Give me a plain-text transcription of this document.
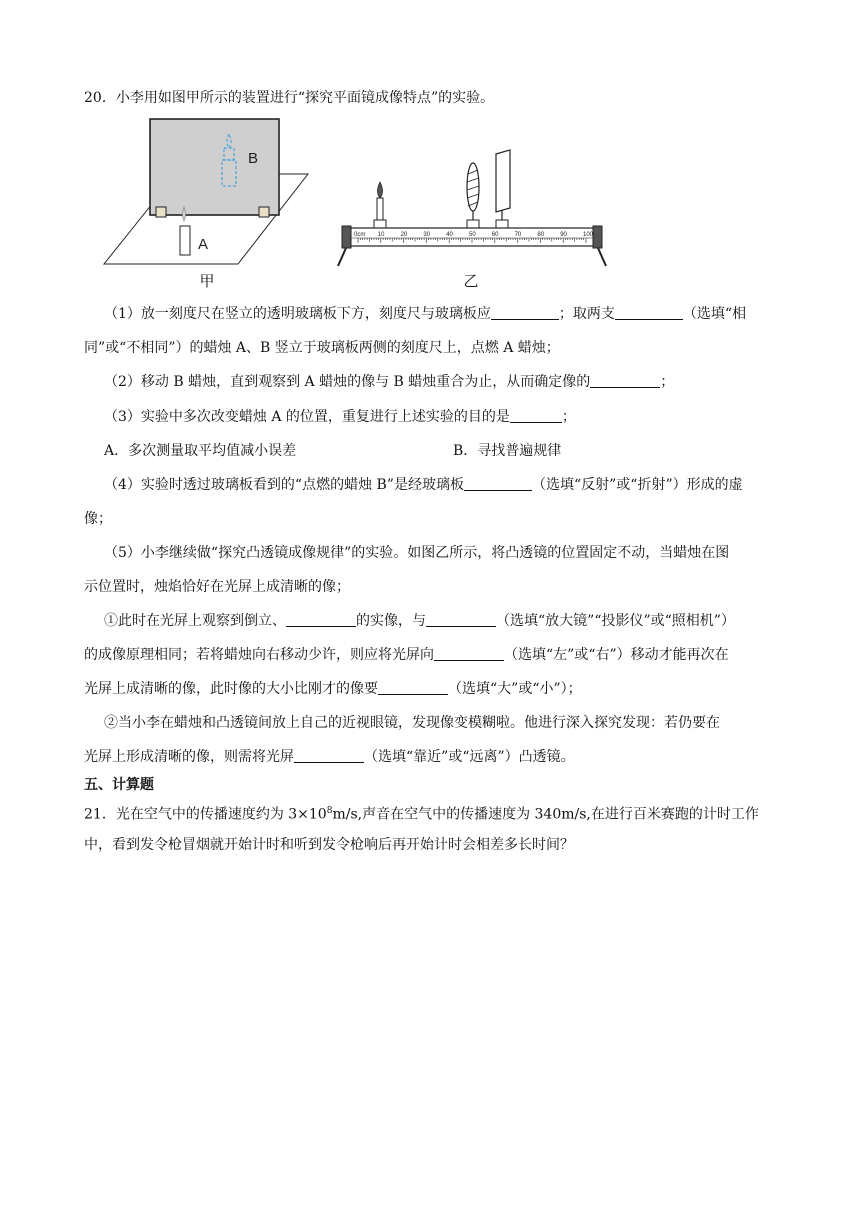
20．小李用如图甲所示的装置进行“探究平面镜成像特点”的实验。
B
A
甲
0cm 10	20	30	40	50	60	70	80	90	100
乙
（1）放一刻度尺在竖立的透明玻璃板下方，刻度尺与玻璃板应	；取两支	（选填“相
同”或“不相同”）的蜡烛 A、B 竖立于玻璃板两侧的刻度尺上，点燃 A 蜡烛；
（2）移动 B 蜡烛，直到观察到 A 蜡烛的像与 B 蜡烛重合为止，从而确定像的	；
（3）实验中多次改变蜡烛 A 的位置，重复进行上述实验的目的是	；
A．多次测量取平均值减小误差	B．寻找普遍规律
（4）实验时透过玻璃板看到的“点燃的蜡烛 B”是经玻璃板	（选填“反射”或“折射”）形成的虚
像；
（5）小李继续做“探究凸透镜成像规律”的实验。如图乙所示，将凸透镜的位置固定不动，当蜡烛在图
示位置时，烛焰恰好在光屏上成清晰的像；
①此时在光屏上观察到倒立、	的实像，与	（选填“放大镜”“投影仪”或“照相机”）
的成像原理相同；若将蜡烛向右移动少许，则应将光屏向	（选填“左”或“右”）移动才能再次在
光屏上成清晰的像，此时像的大小比刚才的像要	（选填“大”或“小”）；
②当小李在蜡烛和凸透镜间放上自己的近视眼镜，发现像变模糊啦。他进行深入探究发现：若仍要在
光屏上形成清晰的像，则需将光屏	（选填“靠近”或“远离”）凸透镜。
五、计算题
21．光在空气中的传播速度约为 $3\times 10^8m/s$,声音在空气中的传播速度为 340m/s,在进行百米赛跑的计时工作
中，看到发令枪冒烟就开始计时和听到发令枪响后再开始计时会相差多长时间？
